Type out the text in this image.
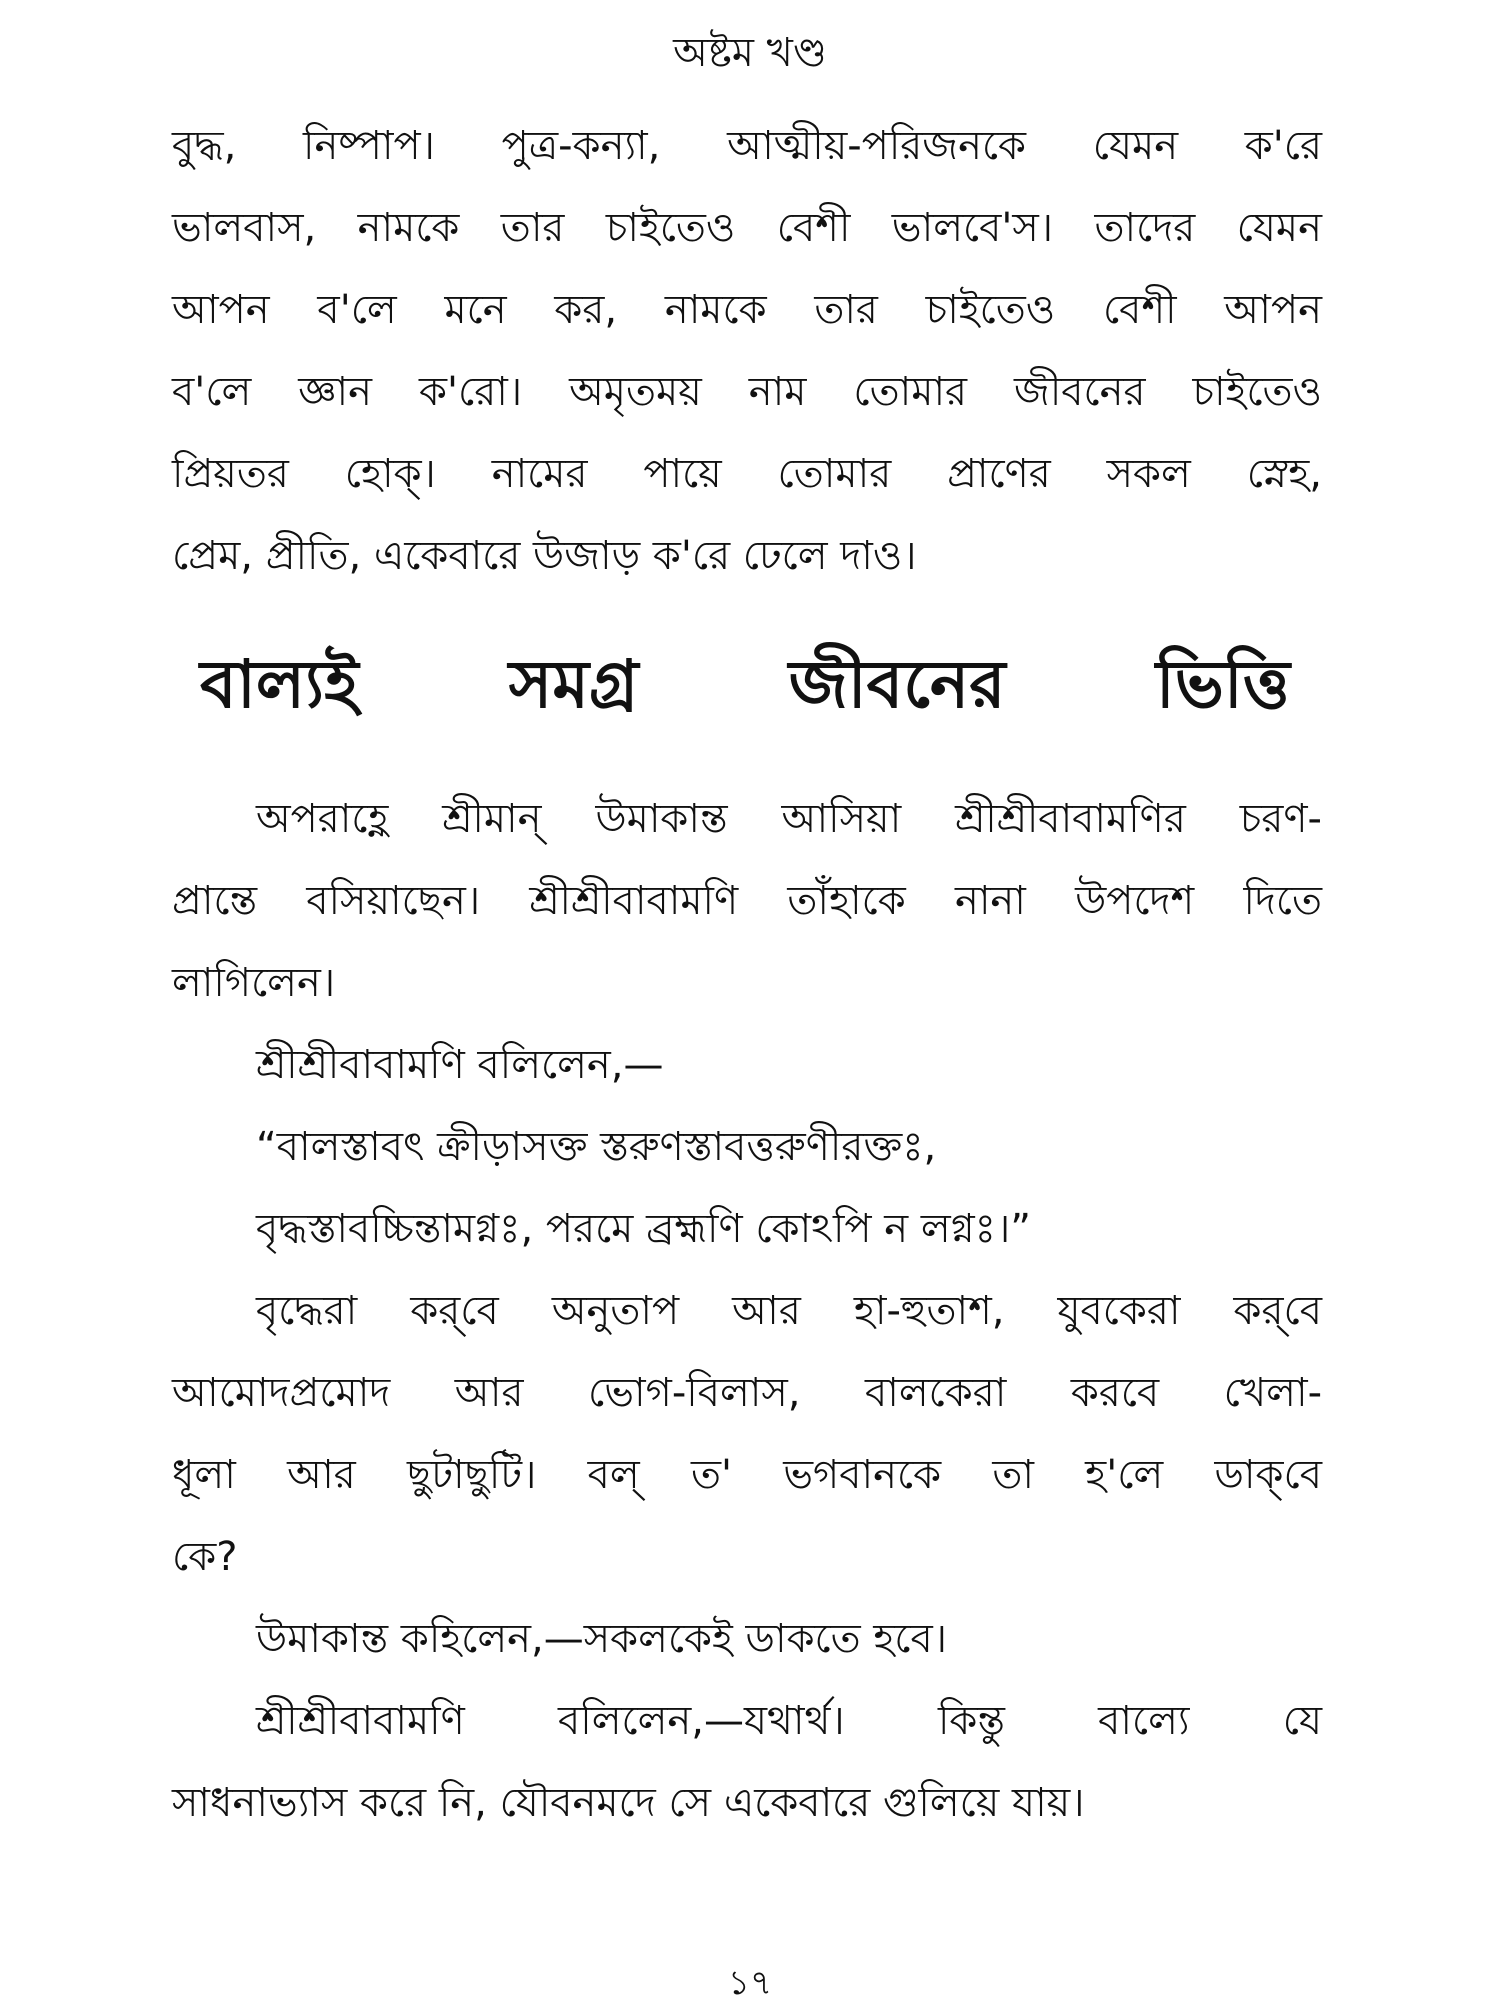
অষ্টম খণ্ড
বুদ্ধ, নিষ্পাপ। পুত্র-কন্যা, আত্মীয়-পরিজনকে যেমন ক'রে
ভালবাস, নামকে তার চাইতেও বেশী ভালবে'স। তাদের যেমন
আপন ব'লে মনে কর, নামকে তার চাইতেও বেশী আপন
ব'লে জ্ঞান ক'রো। অমৃতময় নাম তোমার জীবনের চাইতেও
প্রিয়তর হোক্। নামের পায়ে তোমার প্রাণের সকল স্নেহ,
প্রেম, প্রীতি, একেবারে উজাড় ক'রে ঢেলে দাও।
বাল্যই সমগ্র জীবনের ভিত্তি
অপরাহ্ণে শ্রীমান্ উমাকান্ত আসিয়া শ্রীশ্রীবাবামণির চরণ-
প্রান্তে বসিয়াছেন। শ্রীশ্রীবাবামণি তাঁহাকে নানা উপদেশ দিতে
লাগিলেন।
শ্রীশ্রীবাবামণি বলিলেন,—
“বালস্তাবৎ ক্রীড়াসক্ত স্তরুণস্তাবত্তরুণীরক্তঃ,
বৃদ্ধস্তাবচ্চিন্তামগ্নঃ, পরমে ব্রহ্মণি কোঽপি ন লগ্নঃ।”
বৃদ্ধেরা কর্‌বে অনুতাপ আর হা-হুতাশ, যুবকেরা কর্‌বে
আমোদপ্রমোদ আর ভোগ-বিলাস, বালকেরা করবে খেলা-
ধূলা আর ছুটাছুটি। বল্ ত' ভগবানকে তা হ'লে ডাক্‌বে
কে?
উমাকান্ত কহিলেন,—সকলকেই ডাকতে হবে।
শ্রীশ্রীবাবামণি বলিলেন,—যথার্থ। কিন্তু বাল্যে যে
সাধনাভ্যাস করে নি, যৌবনমদে সে একেবারে গুলিয়ে যায়।
১৭
